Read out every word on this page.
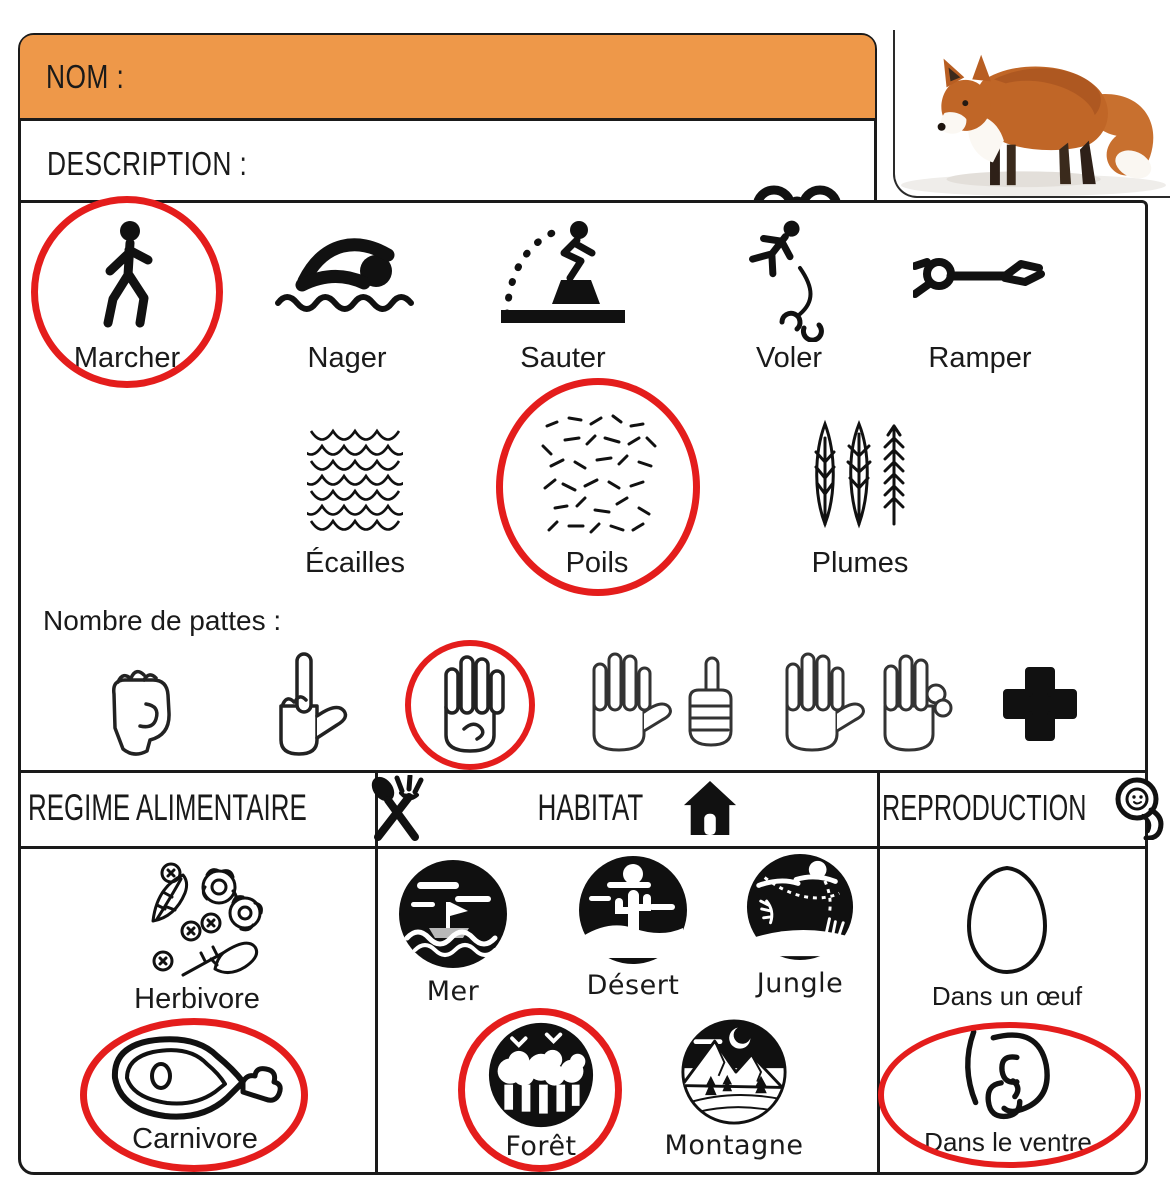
NOM :
DESCRIPTION :
Marcher	Nager	Sauter	Voler	Ramper
Écailles	Poils	Plumes
Nombre de pattes :
REGIME ALIMENTAIRE	HABITAT	REPRODUCTION
Herbivore
Carnivore
Mer	Désert	Jungle
Forêt	Montagne
Dans un œuf
Dans le ventre
